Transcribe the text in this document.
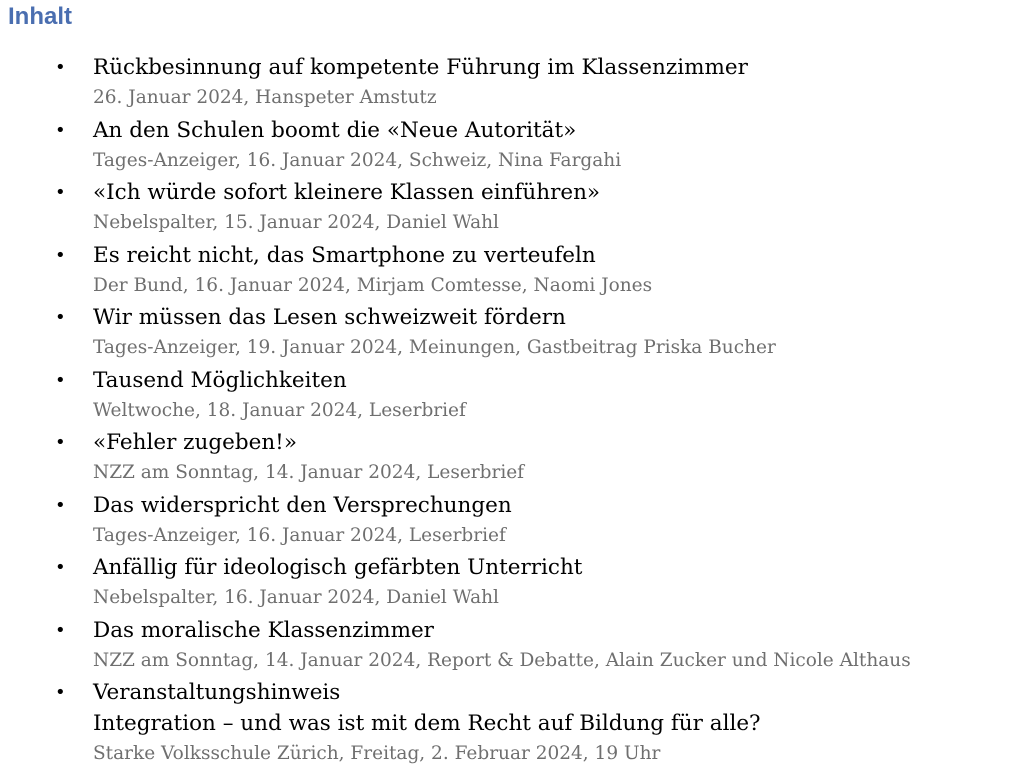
Inhalt
• Rückbesinnung auf kompetente Führung im Klassenzimmer
26. Januar 2024, Hanspeter Amstutz
• An den Schulen boomt die «Neue Autorität»
Tages-Anzeiger, 16. Januar 2024, Schweiz, Nina Fargahi
• «Ich würde sofort kleinere Klassen einführen»
Nebelspalter, 15. Januar 2024, Daniel Wahl
• Es reicht nicht, das Smartphone zu verteufeln
Der Bund, 16. Januar 2024, Mirjam Comtesse, Naomi Jones
• Wir müssen das Lesen schweizweit fördern
Tages-Anzeiger, 19. Januar 2024, Meinungen, Gastbeitrag Priska Bucher
• Tausend Möglichkeiten
Weltwoche, 18. Januar 2024, Leserbrief
• «Fehler zugeben!»
NZZ am Sonntag, 14. Januar 2024, Leserbrief
• Das widerspricht den Versprechungen
Tages-Anzeiger, 16. Januar 2024, Leserbrief
• Anfällig für ideologisch gefärbten Unterricht
Nebelspalter, 16. Januar 2024, Daniel Wahl
• Das moralische Klassenzimmer
NZZ am Sonntag, 14. Januar 2024, Report & Debatte, Alain Zucker und Nicole Althaus
• Veranstaltungshinweis
Integration – und was ist mit dem Recht auf Bildung für alle?
Starke Volksschule Zürich, Freitag, 2. Februar 2024, 19 Uhr
